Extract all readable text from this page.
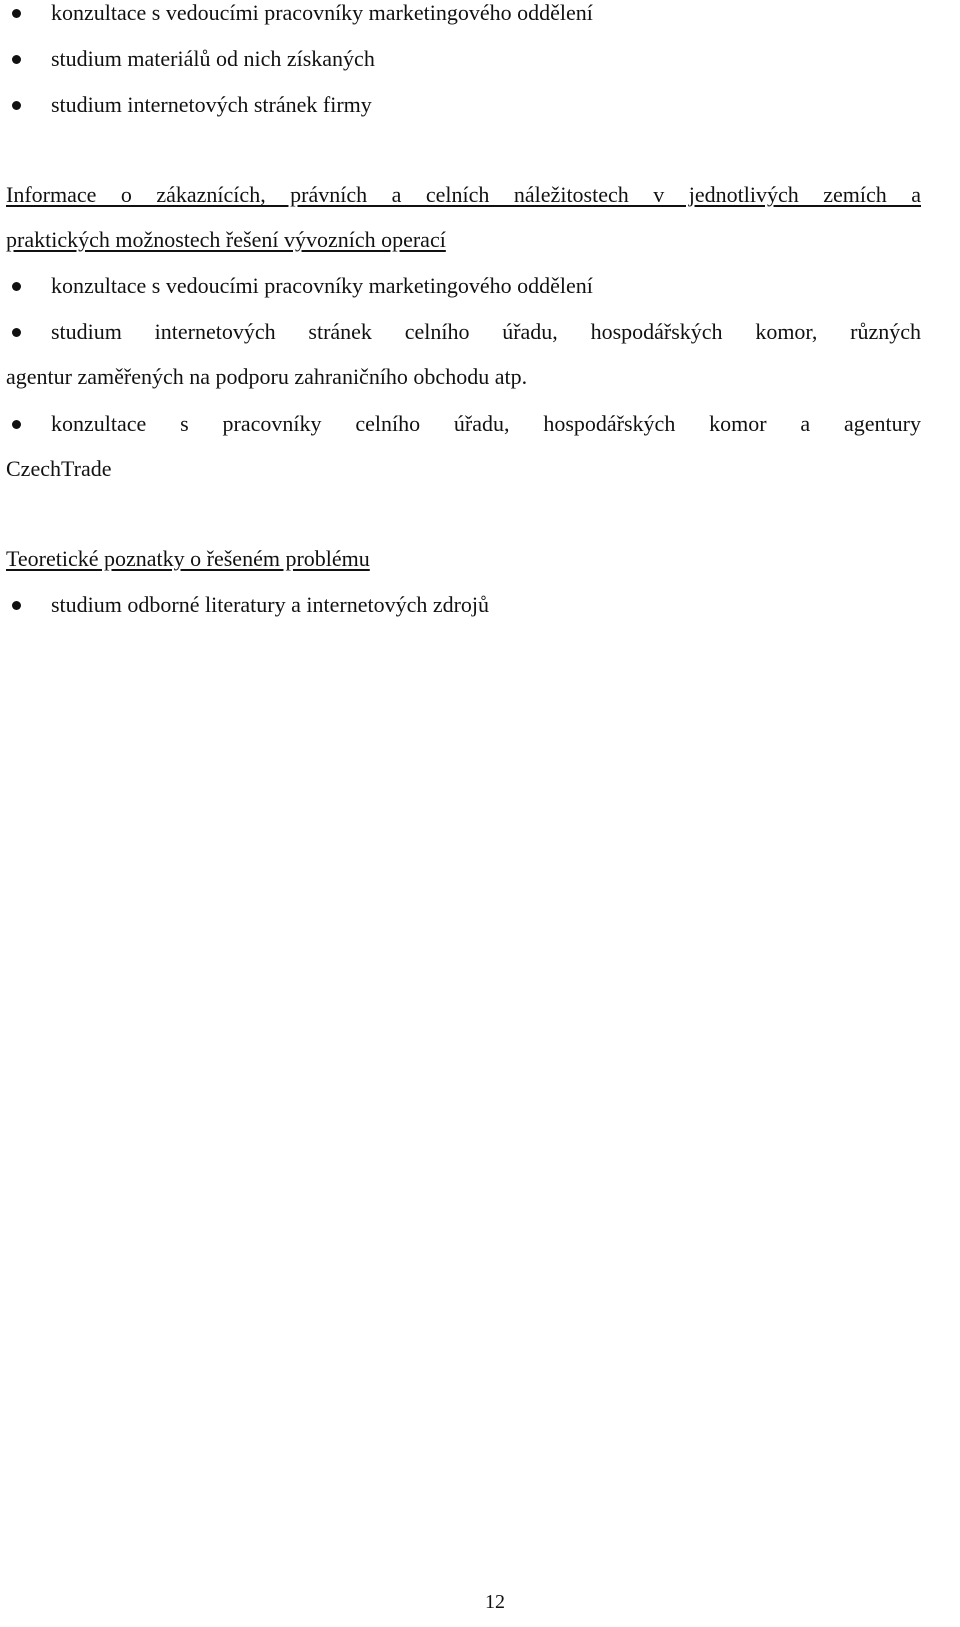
konzultace s vedoucími pracovníky marketingového oddělení
studium materiálů od nich získaných
studium internetových stránek firmy
Informace o zákaznících, právních a celních náležitostech v jednotlivých zemích a
praktických možnostech řešení vývozních operací
konzultace s vedoucími pracovníky marketingového oddělení
studium internetových stránek celního úřadu, hospodářských komor, různých
agentur zaměřených na podporu zahraničního obchodu atp.
konzultace s pracovníky celního úřadu, hospodářských komor a agentury
CzechTrade
Teoretické poznatky o řešeném problému
studium odborné literatury a internetových zdrojů
12
